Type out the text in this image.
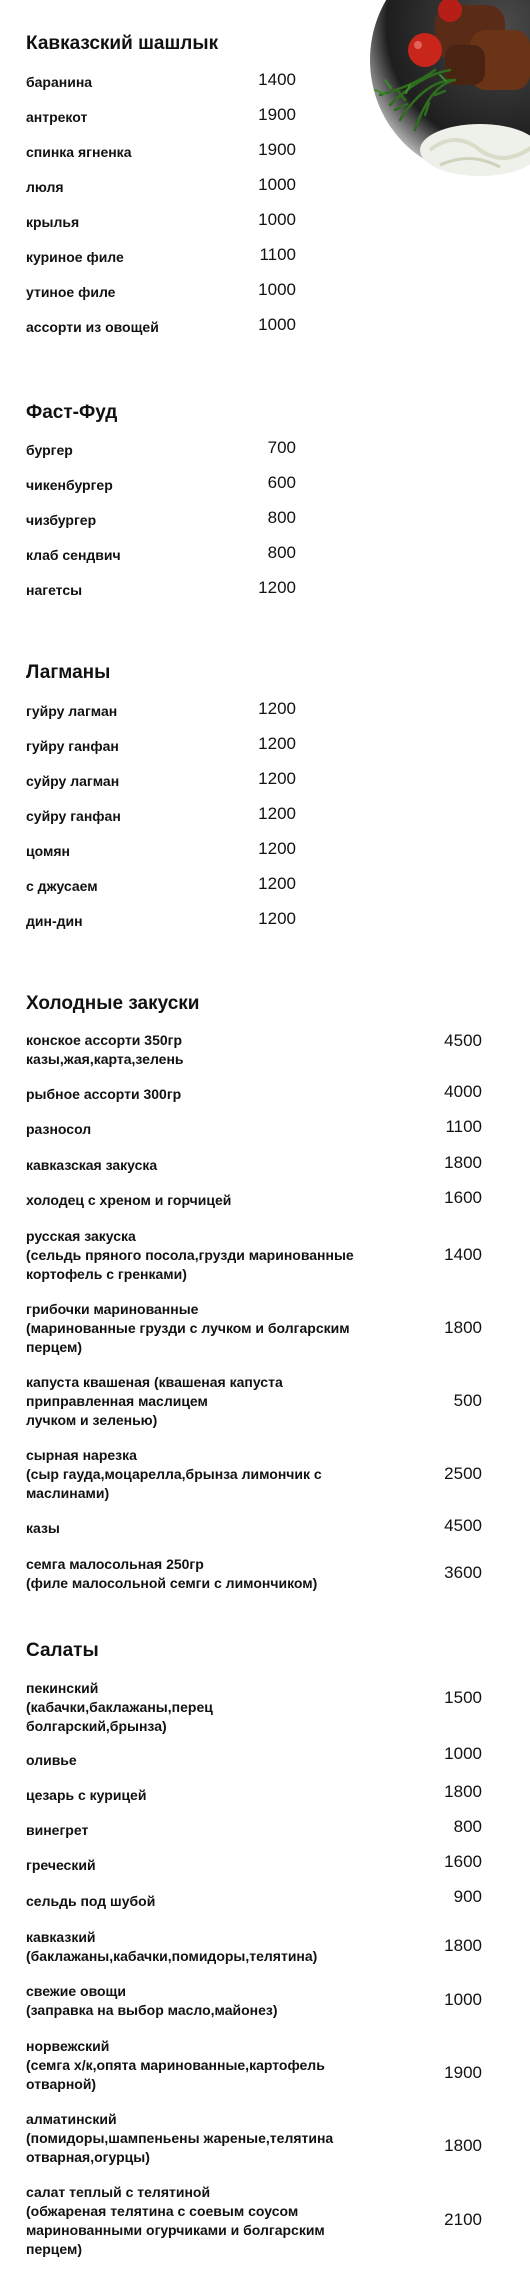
Кавказский шашлык
баранина	1400
антрекот	1900
спинка ягненка	1900
люля	1000
крылья	1000
куриное филе	1100
утиное филе	1000
ассорти из овощей	1000
Фаст-Фуд
бургер	700
чикенбургер	600
чизбургер	800
клаб сендвич	800
нагетсы	1200
Лагманы
гуйру лагман	1200
гуйру ганфан	1200
суйру лагман	1200
суйру ганфан	1200
цомян	1200
с джусаем	1200
дин-дин	1200
Холодные закуски
конское ассорти 350гр
казы,жая,карта,зелень
4500
рыбное ассорти 300гр	4000
разносол	1100
кавказская закуска	1800
холодец с хреном и горчицей	1600
русская закуска
(сельдь пряного посола,грузди маринованные
кортофель с гренками)
1400
грибочки маринованные
(маринованные грузди с лучком и болгарским
перцем)
1800
капуста квашеная (квашеная капуста
приправленная маслицем
лучком и зеленью)
500
сырная нарезка
(сыр гауда,моцарелла,брынза лимончик с
маслинами)
2500
казы	4500
семга малосольная 250гр
(филе малосольной семги с лимончиком)
3600
Салаты
пекинский
(кабачки,баклажаны,перец
болгарский,брынза)
1500
оливье	1000
цезарь с курицей	1800
винегрет	800
греческий	1600
сельдь под шубой	900
кавказкий
(баклажаны,кабачки,помидоры,телятина)
1800
свежие овощи
(заправка на выбор масло,майонез)
1000
норвежский
(семга х/к,опята маринованные,картофель
отварной)
1900
алматинский
(помидоры,шампеньены жареные,телятина
отварная,огурцы)
1800
салат теплый с телятиной
(обжареная телятина с соевым соусом
маринованными огурчиками и болгарским
перцем)
2100
